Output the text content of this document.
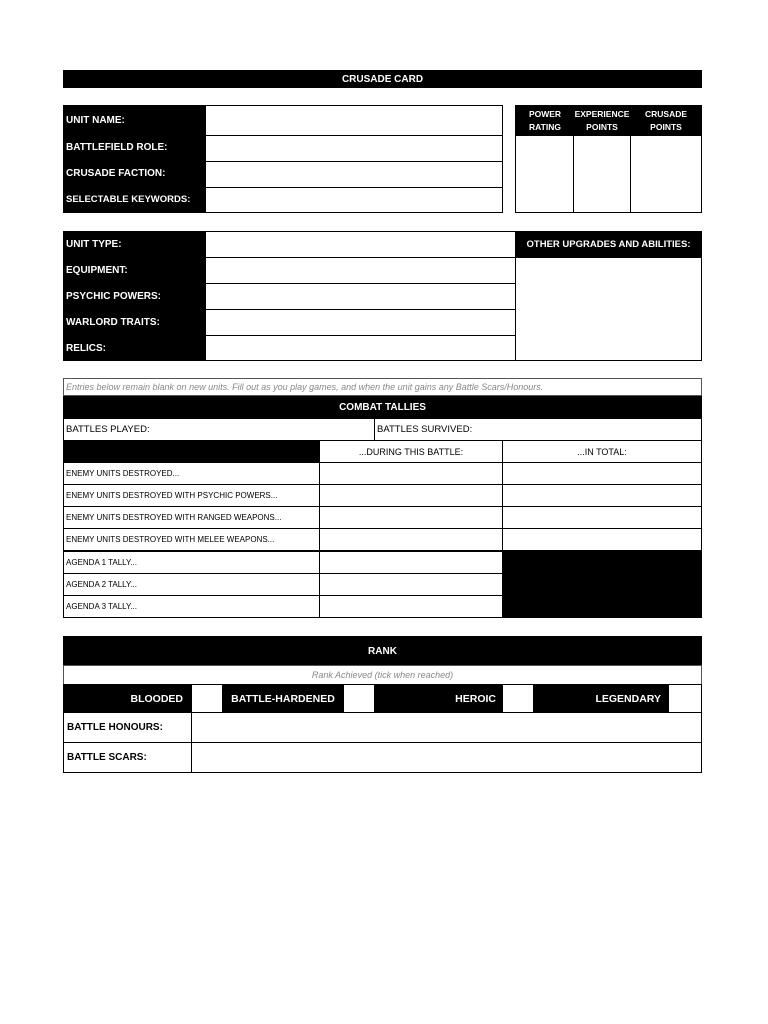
CRUSADE CARD
UNIT NAME:
BATTLEFIELD ROLE:
CRUSADE FACTION:
SELECTABLE KEYWORDS:
POWER RATING
EXPERIENCE POINTS
CRUSADE POINTS
UNIT TYPE:
EQUIPMENT:
PSYCHIC POWERS:
WARLORD TRAITS:
RELICS:
OTHER UPGRADES AND ABILITIES:
Entries below remain blank on new units. Fill out as you play games, and when the unit gains any Battle Scars/Honours.
COMBAT TALLIES
BATTLES PLAYED:	BATTLES SURVIVED:
...DURING THIS BATTLE:	...IN TOTAL:
ENEMY UNITS DESTROYED...
ENEMY UNITS DESTROYED WITH PSYCHIC POWERS...
ENEMY UNITS DESTROYED WITH RANGED WEAPONS...
ENEMY UNITS DESTROYED WITH MELEE WEAPONS...
AGENDA 1 TALLY...
AGENDA 2 TALLY...
AGENDA 3 TALLY...
RANK
Rank Achieved (tick when reached)
BLOODED	BATTLE-HARDENED	HEROIC	LEGENDARY
BATTLE HONOURS:
BATTLE SCARS:
